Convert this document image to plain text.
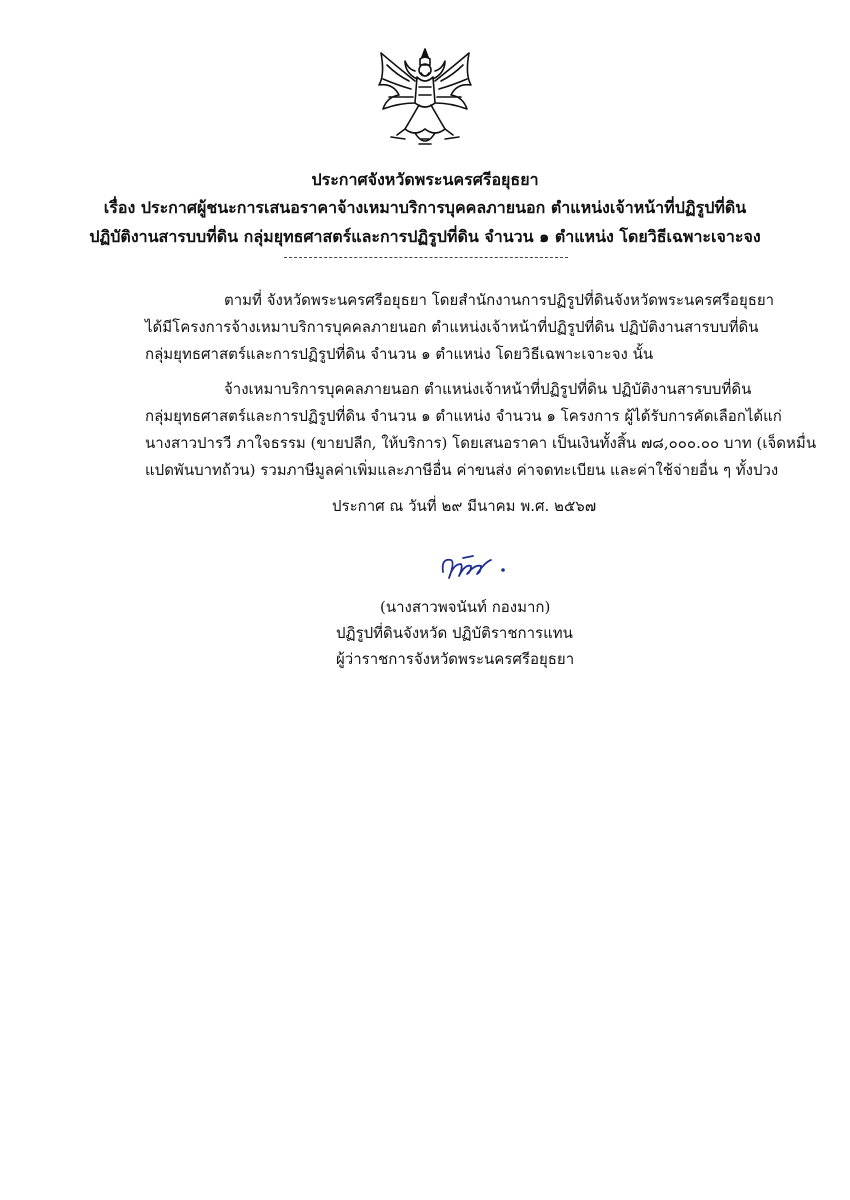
ประกาศจังหวัดพระนครศรีอยุธยา
เรื่อง ประกาศผู้ชนะการเสนอราคาจ้างเหมาบริการบุคคลภายนอก ตำแหน่งเจ้าหน้าที่ปฏิรูปที่ดิน
ปฏิบัติงานสารบบที่ดิน กลุ่มยุทธศาสตร์และการปฏิรูปที่ดิน จำนวน ๑ ตำแหน่ง โดยวิธีเฉพาะเจาะจง
ตามที่ จังหวัดพระนครศรีอยุธยา โดยสำนักงานการปฏิรูปที่ดินจังหวัดพระนครศรีอยุธยา
ได้มีโครงการจ้างเหมาบริการบุคคลภายนอก ตำแหน่งเจ้าหน้าที่ปฏิรูปที่ดิน ปฏิบัติงานสารบบที่ดิน
กลุ่มยุทธศาสตร์และการปฏิรูปที่ดิน จำนวน ๑ ตำแหน่ง โดยวิธีเฉพาะเจาะจง นั้น
จ้างเหมาบริการบุคคลภายนอก ตำแหน่งเจ้าหน้าที่ปฏิรูปที่ดิน ปฏิบัติงานสารบบที่ดิน
กลุ่มยุทธศาสตร์และการปฏิรูปที่ดิน จำนวน ๑ ตำแหน่ง จำนวน ๑ โครงการ ผู้ได้รับการคัดเลือกได้แก่
นางสาวปารวี ภาใจธรรม (ขายปลีก, ให้บริการ) โดยเสนอราคา เป็นเงินทั้งสิ้น ๗๘,๐๐๐.๐๐ บาท (เจ็ดหมื่น
แปดพันบาทถ้วน) รวมภาษีมูลค่าเพิ่มและภาษีอื่น ค่าขนส่ง ค่าจดทะเบียน และค่าใช้จ่ายอื่น ๆ ทั้งปวง
ประกาศ ณ วันที่ ๒๙ มีนาคม พ.ศ. ๒๕๖๗
(นางสาวพจนันท์ กองมาก)
ปฏิรูปที่ดินจังหวัด ปฏิบัติราชการแทน
ผู้ว่าราชการจังหวัดพระนครศรีอยุธยา
